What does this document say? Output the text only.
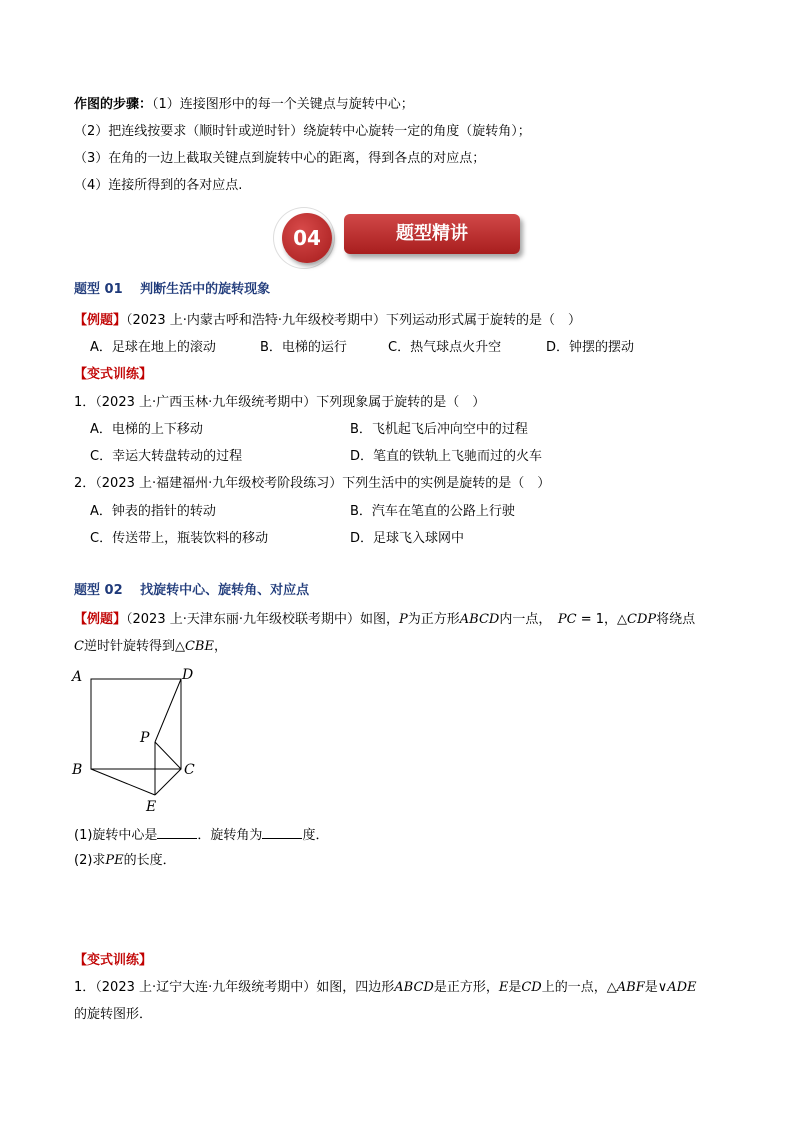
作图的步骤：（1）连接图形中的每一个关键点与旋转中心；
（2）把连线按要求（顺时针或逆时针）绕旋转中心旋转一定的角度（旋转角）；
（3）在角的一边上截取关键点到旋转中心的距离，得到各点的对应点；
（4）连接所得到的各对应点.
04	题型精讲
题型 01　 判断生活中的旋转现象
【例题】（2023 上·内蒙古呼和浩特·九年级校考期中）下列运动形式属于旋转的是（　）
A．足球在地上的滚动	B．电梯的运行	C．热气球点火升空	D．钟摆的摆动
【变式训练】
1．（2023 上·广西玉林·九年级统考期中）下列现象属于旋转的是（　）
A．电梯的上下移动	B．飞机起飞后冲向空中的过程
C．幸运大转盘转动的过程	D．笔直的铁轨上飞驰而过的火车
2．（2023 上·福建福州·九年级校考阶段练习）下列生活中的实例是旋转的是（　）
A．钟表的指针的转动	B．汽车在笔直的公路上行驶
C．传送带上，瓶装饮料的移动	D．足球飞入球网中
题型 02　 找旋转中心、旋转角、对应点
【例题】（2023 上·天津东丽·九年级校联考期中）如图，P为正方形ABCD内一点，　 PC = 1，△CDP将绕点
C逆时针旋转得到△CBE，
A	D
P
B	C
E
(1)旋转中心是	．旋转角为	度．
(2)求PE的长度．
【变式训练】
1．（2023 上·辽宁大连·九年级统考期中）如图，四边形ABCD是正方形，E是CD上的一点，△ABF是∨ADE
的旋转图形．
